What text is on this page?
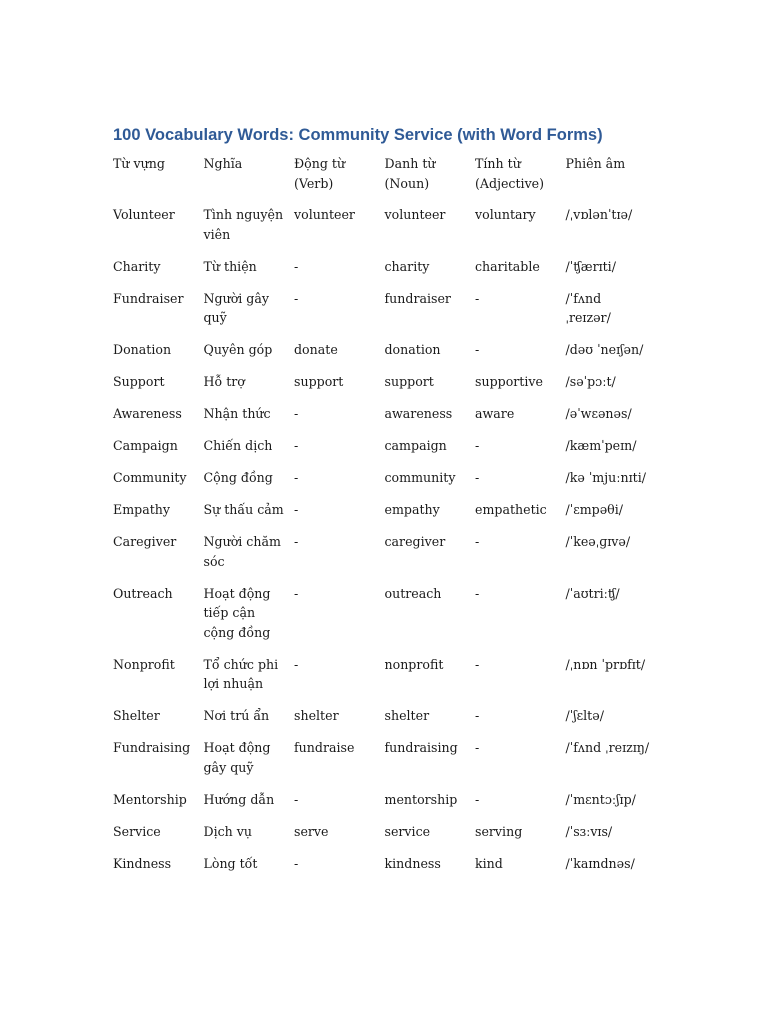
100 Vocabulary Words: Community Service (with Word Forms)
Từ vựng	Nghĩa	Động từ (Verb)	Danh từ (Noun)	Tính từ (Adjective)	Phiên âm
Volunteer	Tình nguyện viên	volunteer	volunteer	voluntary	/ˌvɒlənˈtɪə/
Charity	Từ thiện	-	charity	charitable	/ˈʧærɪti/
Fundraiser	Người gây quỹ	-	fundraiser	-	/ˈfʌnd ˌreɪzər/
Donation	Quyên góp	donate	donation	-	/dəʊ ˈneɪʃən/
Support	Hỗ trợ	support	support	supportive	/səˈpɔːt/
Awareness	Nhận thức	-	awareness	aware	/əˈwɛənəs/
Campaign	Chiến dịch	-	campaign	-	/kæmˈpeɪn/
Community	Cộng đồng	-	community	-	/kə ˈmjuːnɪti/
Empathy	Sự thấu cảm	-	empathy	empathetic	/ˈɛmpəθi/
Caregiver	Người chăm sóc	-	caregiver	-	/ˈkeəˌɡɪvə/
Outreach	Hoạt động tiếp cận cộng đồng	-	outreach	-	/ˈaʊtriːʧ/
Nonprofit	Tổ chức phi lợi nhuận	-	nonprofit	-	/ˌnɒn ˈprɒfɪt/
Shelter	Nơi trú ẩn	shelter	shelter	-	/ˈʃɛltə/
Fundraising	Hoạt động gây quỹ	fundraise	fundraising	-	/ˈfʌnd ˌreɪzɪŋ/
Mentorship	Hướng dẫn	-	mentorship	-	/ˈmɛntɔːʃɪp/
Service	Dịch vụ	serve	service	serving	/ˈsɜːvɪs/
Kindness	Lòng tốt	-	kindness	kind	/ˈkaɪndnəs/
